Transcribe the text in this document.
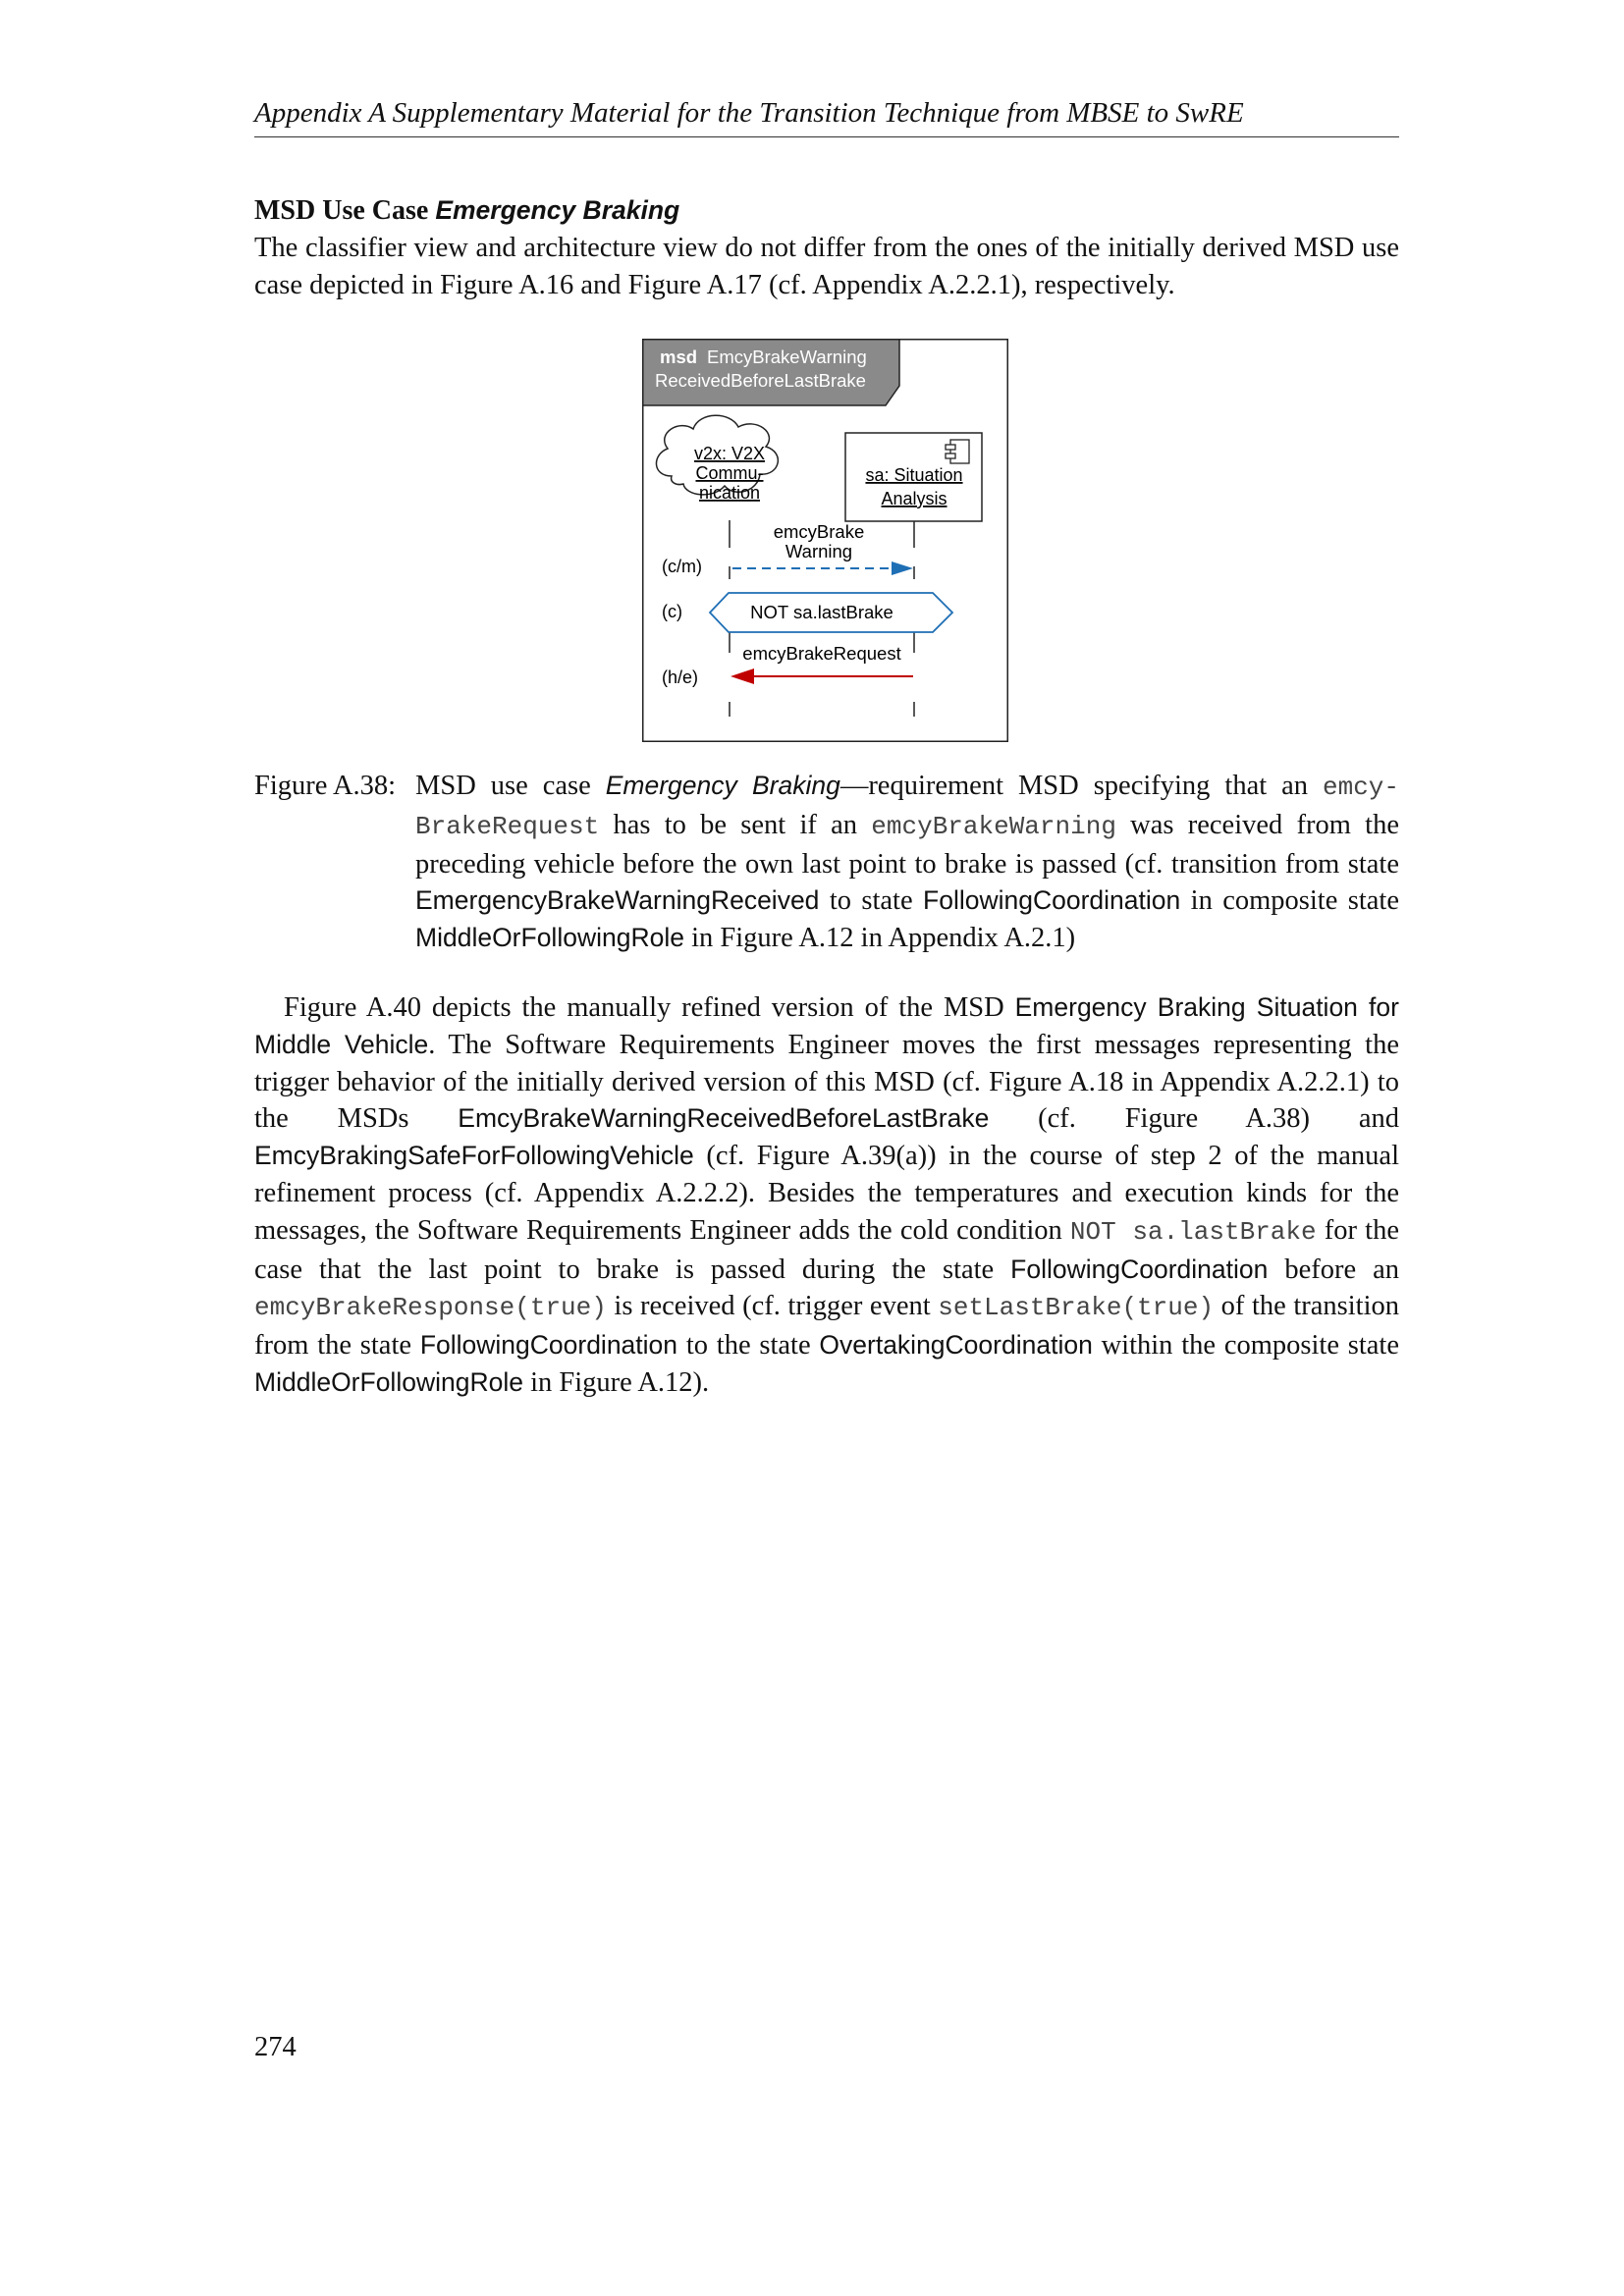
Appendix A Supplementary Material for the Transition Technique from MBSE to SwRE
MSD Use Case Emergency Braking
The classifier view and architecture view do not differ from the ones of the initially derived MSD use case depicted in Figure A.16 and Figure A.17 (cf. Appendix A.2.2.1), respectively.
msd EmcyBrakeWarning
ReceivedBeforeLastBrake
v2x: V2X
Commu-
nication
sa: Situation
Analysis
(c/m)
emcyBrake
Warning
(c)	NOT sa.lastBrake
(h/e)
emcyBrakeRequest
Figure A.38: MSD use case Emergency Braking—requirement MSD specifying that an emcy-BrakeRequest has to be sent if an emcyBrakeWarning was received from the preceding vehicle before the own last point to brake is passed (cf. transition from state EmergencyBrakeWarningReceived to state FollowingCoordination in composite state MiddleOrFollowingRole in Figure A.12 in Appendix A.2.1)
Figure A.40 depicts the manually refined version of the MSD Emergency Braking Situation for Middle Vehicle. The Software Requirements Engineer moves the first messages representing the trigger behavior of the initially derived version of this MSD (cf. Figure A.18 in Appendix A.2.2.1) to the MSDs EmcyBrakeWarningReceivedBeforeLastBrake (cf. Figure A.38) and EmcyBrakingSafeForFollowingVehicle (cf. Figure A.39(a)) in the course of step 2 of the manual refinement process (cf. Appendix A.2.2.2). Besides the temperatures and execution kinds for the messages, the Software Requirements Engineer adds the cold condition NOT sa.lastBrake for the case that the last point to brake is passed during the state FollowingCoordination before an emcyBrakeResponse(true) is received (cf. trigger event setLastBrake(true) of the transition from the state FollowingCoordination to the state OvertakingCoordination within the composite state MiddleOrFollowingRole in Figure A.12).
274
